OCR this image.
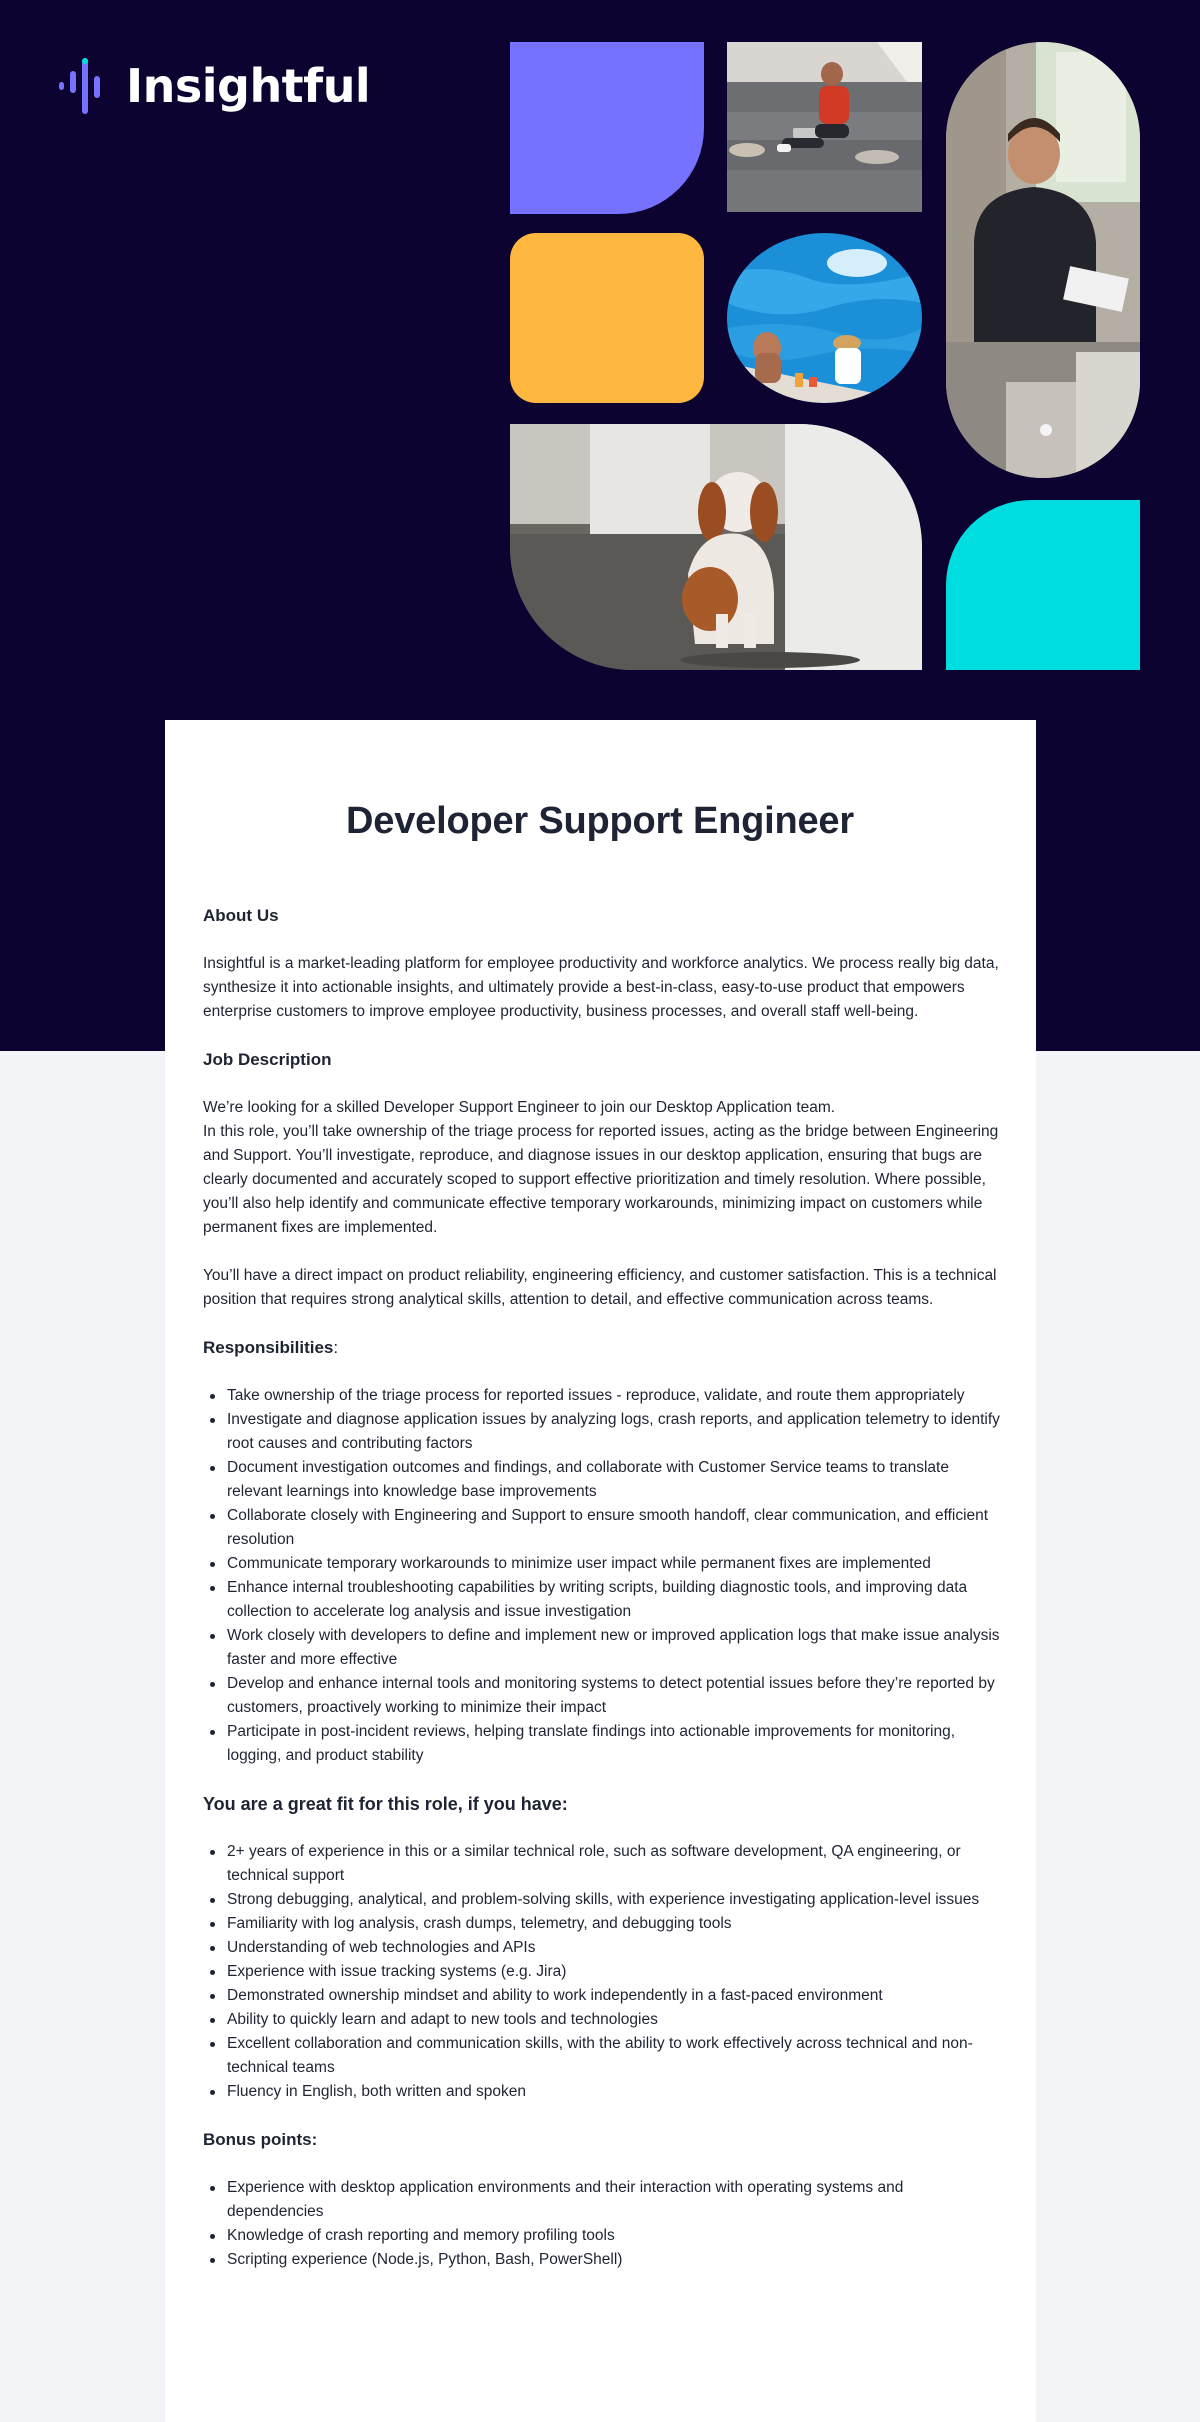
Insightful
Developer Support Engineer
About Us

Insightful is a market-leading platform for employee productivity and workforce analytics. We process really big data, synthesize it into actionable insights, and ultimately provide a best-in-class, easy-to-use product that empowers enterprise customers to improve employee productivity, business processes, and overall staff well-being.

Job Description

We’re looking for a skilled Developer Support Engineer to join our Desktop Application team.
In this role, you’ll take ownership of the triage process for reported issues, acting as the bridge between Engineering and Support. You’ll investigate, reproduce, and diagnose issues in our desktop application, ensuring that bugs are clearly documented and accurately scoped to support effective prioritization and timely resolution. Where possible, you’ll also help identify and communicate effective temporary workarounds, minimizing impact on customers while permanent fixes are implemented.

You’ll have a direct impact on product reliability, engineering efficiency, and customer satisfaction. This is a technical position that requires strong analytical skills, attention to detail, and effective communication across teams.

Responsibilities:
Take ownership of the triage process for reported issues - reproduce, validate, and route them appropriately
Investigate and diagnose application issues by analyzing logs, crash reports, and application telemetry to identify root causes and contributing factors
Document investigation outcomes and findings, and collaborate with Customer Service teams to translate relevant learnings into knowledge base improvements
Collaborate closely with Engineering and Support to ensure smooth handoff, clear communication, and efficient resolution
Communicate temporary workarounds to minimize user impact while permanent fixes are implemented
Enhance internal troubleshooting capabilities by writing scripts, building diagnostic tools, and improving data collection to accelerate log analysis and issue investigation
Work closely with developers to define and implement new or improved application logs that make issue analysis faster and more effective
Develop and enhance internal tools and monitoring systems to detect potential issues before they’re reported by customers, proactively working to minimize their impact
Participate in post-incident reviews, helping translate findings into actionable improvements for monitoring, logging, and product stability
You are a great fit for this role, if you have:
2+ years of experience in this or a similar technical role, such as software development, QA engineering, or technical support
Strong debugging, analytical, and problem-solving skills, with experience investigating application-level issues
Familiarity with log analysis, crash dumps, telemetry, and debugging tools
Understanding of web technologies and APIs
Experience with issue tracking systems (e.g. Jira)
Demonstrated ownership mindset and ability to work independently in a fast-paced environment
Ability to quickly learn and adapt to new tools and technologies
Excellent collaboration and communication skills, with the ability to work effectively across technical and non-technical teams
Fluency in English, both written and spoken
Bonus points:
Experience with desktop application environments and their interaction with operating systems and dependencies
Knowledge of crash reporting and memory profiling tools
Scripting experience (Node.js, Python, Bash, PowerShell)
